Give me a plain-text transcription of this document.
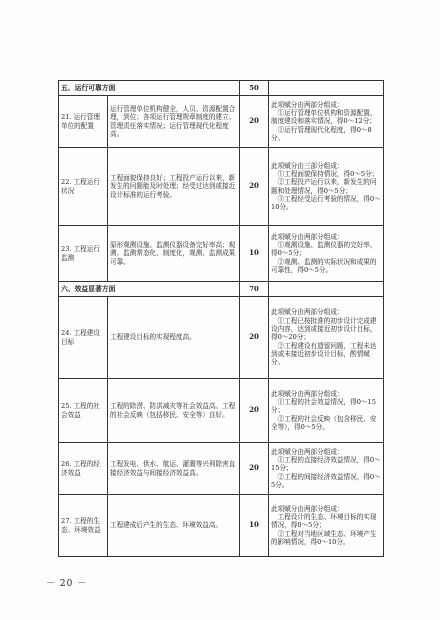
五、运行可靠方面		50	
21. 运行管理单位的配置	运行管理单位机构健全，人员、资源配置合理，到位；各项运行管理规章制度的建立、管理责任落实情况；运行管理现代化程度高。	20	此项赋分由两部分组成：

①运行管理单位机构和资源配置、制度建设和落实情况，得0～12分；

②运行管理现代化程度，得0～8分。

22. 工程运行状况	工程面貌保持良好；工程投产运行以来，新发生的问题能及时处理；经受过达到或接近设计标准的运行考验。	20	此项赋分由三部分组成：

①工程面貌保持情况，得0～5分；

②工程投产运行以来，新发生的问题和处理情况，得0～5分；

③工程经受运行考验的情况，得0～10分。

23. 工程运行监测	原形观测设施、监测仪器设备完好率高；观测、监测常态化、制度化，观测、监测成果可靠。	10	此项赋分由两部分组成：

①观测设施、监测仪器的完好率，得0～5分；

②观测、监测的实际状况和成果的可靠性，得0～5分。

六、效益显著方面		70	
24. 工程建设目标	工程建设目标的实现程度高。	20	此项赋分由两部分组成：

①工程已按批准的初步设计完成建设内容，达到或接近初步设计目标，得0～20分；

②工程建设有遗留问题，工程未达到或未接近初步设计目标，酌情赋分。

25. 工程的社会效益	工程的除涝、防洪减灾等社会效益高。工程的社会反映（包括移民、安全等）良好。	20	此项赋分由两部分组成：

①工程的社会效益情况，得0～15分；

②工程的社会反映（包含移民、安全等），得0～5分。

26. 工程的经济效益	工程发电、供水、航运、灌溉等兴利除害直接经济效益与间接经济效益高。	20	此项赋分由两部分组成：

①工程的直接经济效益情况，得0～15分；

②工程的间接经济效益情况，得0～5分。

27. 工程的生态、环境效益	工程建成后产生的生态、环境效益高。	10	此项赋分由两部分组成：

工程设计的生态、环境目标的实现情况，得0～5分；

②工程对当地区域生态、环境产生的影响情况，得0～10分。

－ 20 －
